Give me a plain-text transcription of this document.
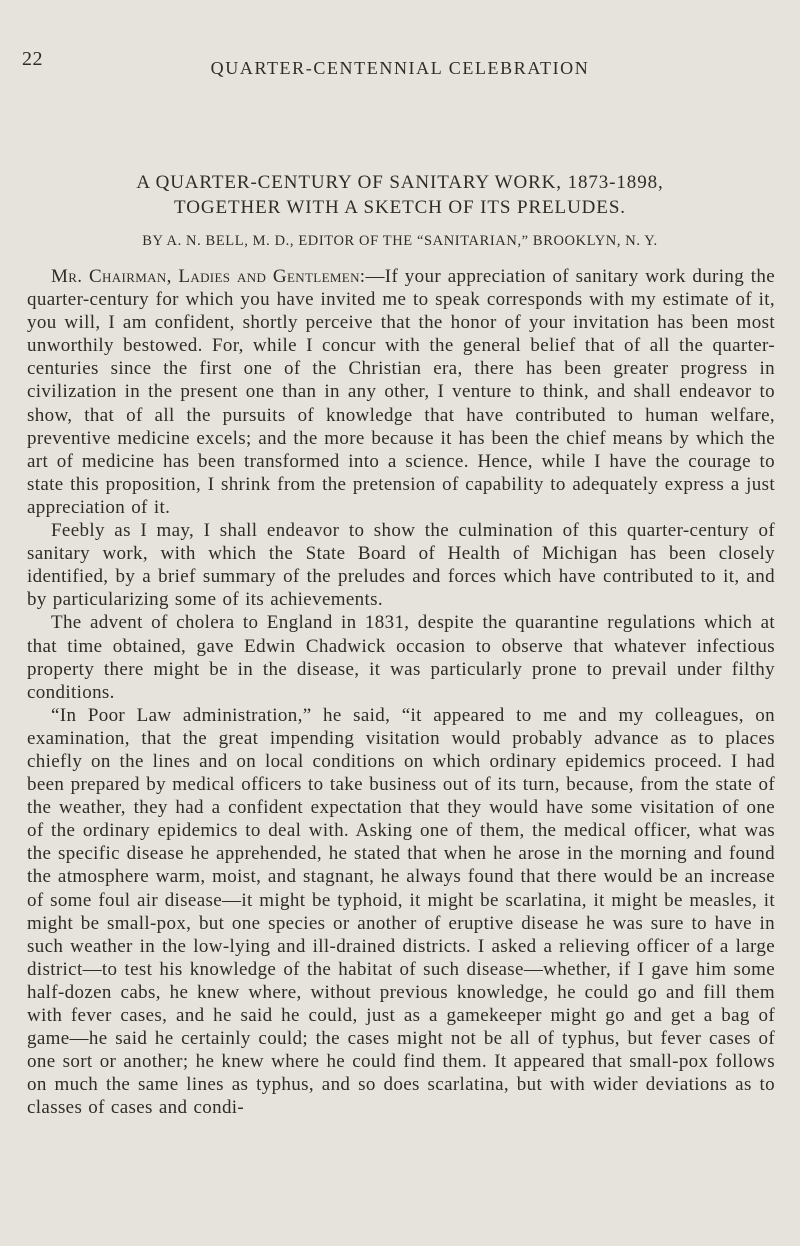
22	QUARTER-CENTENNIAL CELEBRATION
A QUARTER-CENTURY OF SANITARY WORK, 1873-1898,
TOGETHER WITH A SKETCH OF ITS PRELUDES.
BY A. N. BELL, M. D., EDITOR OF THE “SANITARIAN,” BROOKLYN, N. Y.

Mr. Chairman, Ladies and Gentlemen:—If your appreciation of sanitary work during the quarter-century for which you have invited me to speak corresponds with my estimate of it, you will, I am confident, shortly perceive that the honor of your invitation has been most unworthily bestowed. For, while I concur with the general belief that of all the quarter-centuries since the first one of the Christian era, there has been greater progress in civilization in the present one than in any other, I venture to think, and shall endeavor to show, that of all the pursuits of knowledge that have contributed to human welfare, preventive medicine excels; and the more because it has been the chief means by which the art of medicine has been transformed into a science. Hence, while I have the courage to state this proposition, I shrink from the pretension of capability to adequately express a just appreciation of it.

Feebly as I may, I shall endeavor to show the culmination of this quarter-century of sanitary work, with which the State Board of Health of Michigan has been closely identified, by a brief summary of the preludes and forces which have contributed to it, and by particularizing some of its achievements.

The advent of cholera to England in 1831, despite the quarantine regulations which at that time obtained, gave Edwin Chadwick occasion to observe that whatever infectious property there might be in the disease, it was particularly prone to prevail under filthy conditions.

“In Poor Law administration,” he said, “it appeared to me and my colleagues, on examination, that the great impending visitation would probably advance as to places chiefly on the lines and on local conditions on which ordinary epidemics proceed. I had been prepared by medical officers to take business out of its turn, because, from the state of the weather, they had a confident expectation that they would have some visitation of one of the ordinary epidemics to deal with. Asking one of them, the medical officer, what was the specific disease he apprehended, he stated that when he arose in the morning and found the atmosphere warm, moist, and stagnant, he always found that there would be an increase of some foul air disease—it might be typhoid, it might be scarlatina, it might be measles, it might be small-pox, but one species or another of eruptive disease he was sure to have in such weather in the low-lying and ill-drained districts. I asked a relieving officer of a large district—to test his knowledge of the habitat of such disease—whether, if I gave him some half-dozen cabs, he knew where, without previous knowledge, he could go and fill them with fever cases, and he said he could, just as a gamekeeper might go and get a bag of game—he said he certainly could; the cases might not be all of typhus, but fever cases of one sort or another; he knew where he could find them. It appeared that small-pox follows on much the same lines as typhus, and so does scarlatina, but with wider deviations as to classes of cases and condi-
